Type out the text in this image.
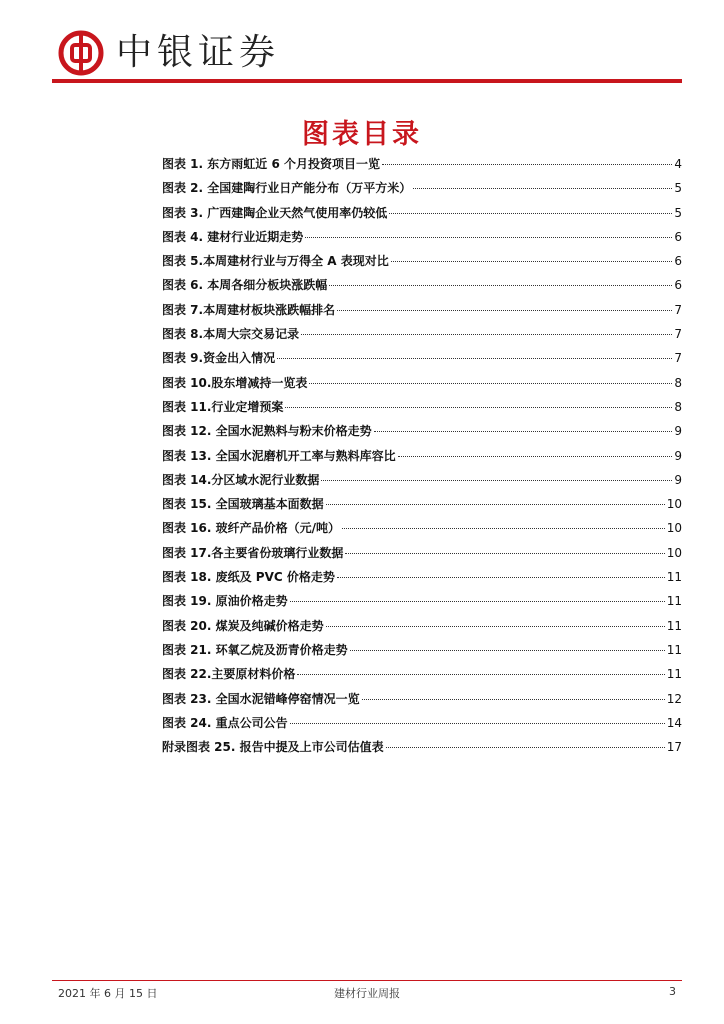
中银证券
图表目录
图表 1. 东方雨虹近 6 个月投资项目一览	4
图表 2. 全国建陶行业日产能分布（万平方米）	5
图表 3. 广西建陶企业天然气使用率仍较低	5
图表 4. 建材行业近期走势	6
图表 5.本周建材行业与万得全 A 表现对比	6
图表 6. 本周各细分板块涨跌幅	6
图表 7.本周建材板块涨跌幅排名	7
图表 8.本周大宗交易记录	7
图表 9.资金出入情况	7
图表 10.股东增减持一览表	8
图表 11.行业定增预案	8
图表 12. 全国水泥熟料与粉末价格走势	9
图表 13. 全国水泥磨机开工率与熟料库容比	9
图表 14.分区域水泥行业数据	9
图表 15. 全国玻璃基本面数据	10
图表 16. 玻纤产品价格（元/吨）	10
图表 17.各主要省份玻璃行业数据	10
图表 18. 废纸及 PVC 价格走势	11
图表 19. 原油价格走势	11
图表 20. 煤炭及纯碱价格走势	11
图表 21. 环氧乙烷及沥青价格走势	11
图表 22.主要原材料价格	11
图表 23. 全国水泥错峰停窑情况一览	12
图表 24. 重点公司公告	14
附录图表 25. 报告中提及上市公司估值表	17
2021 年 6 月 15 日	建材行业周报	3
